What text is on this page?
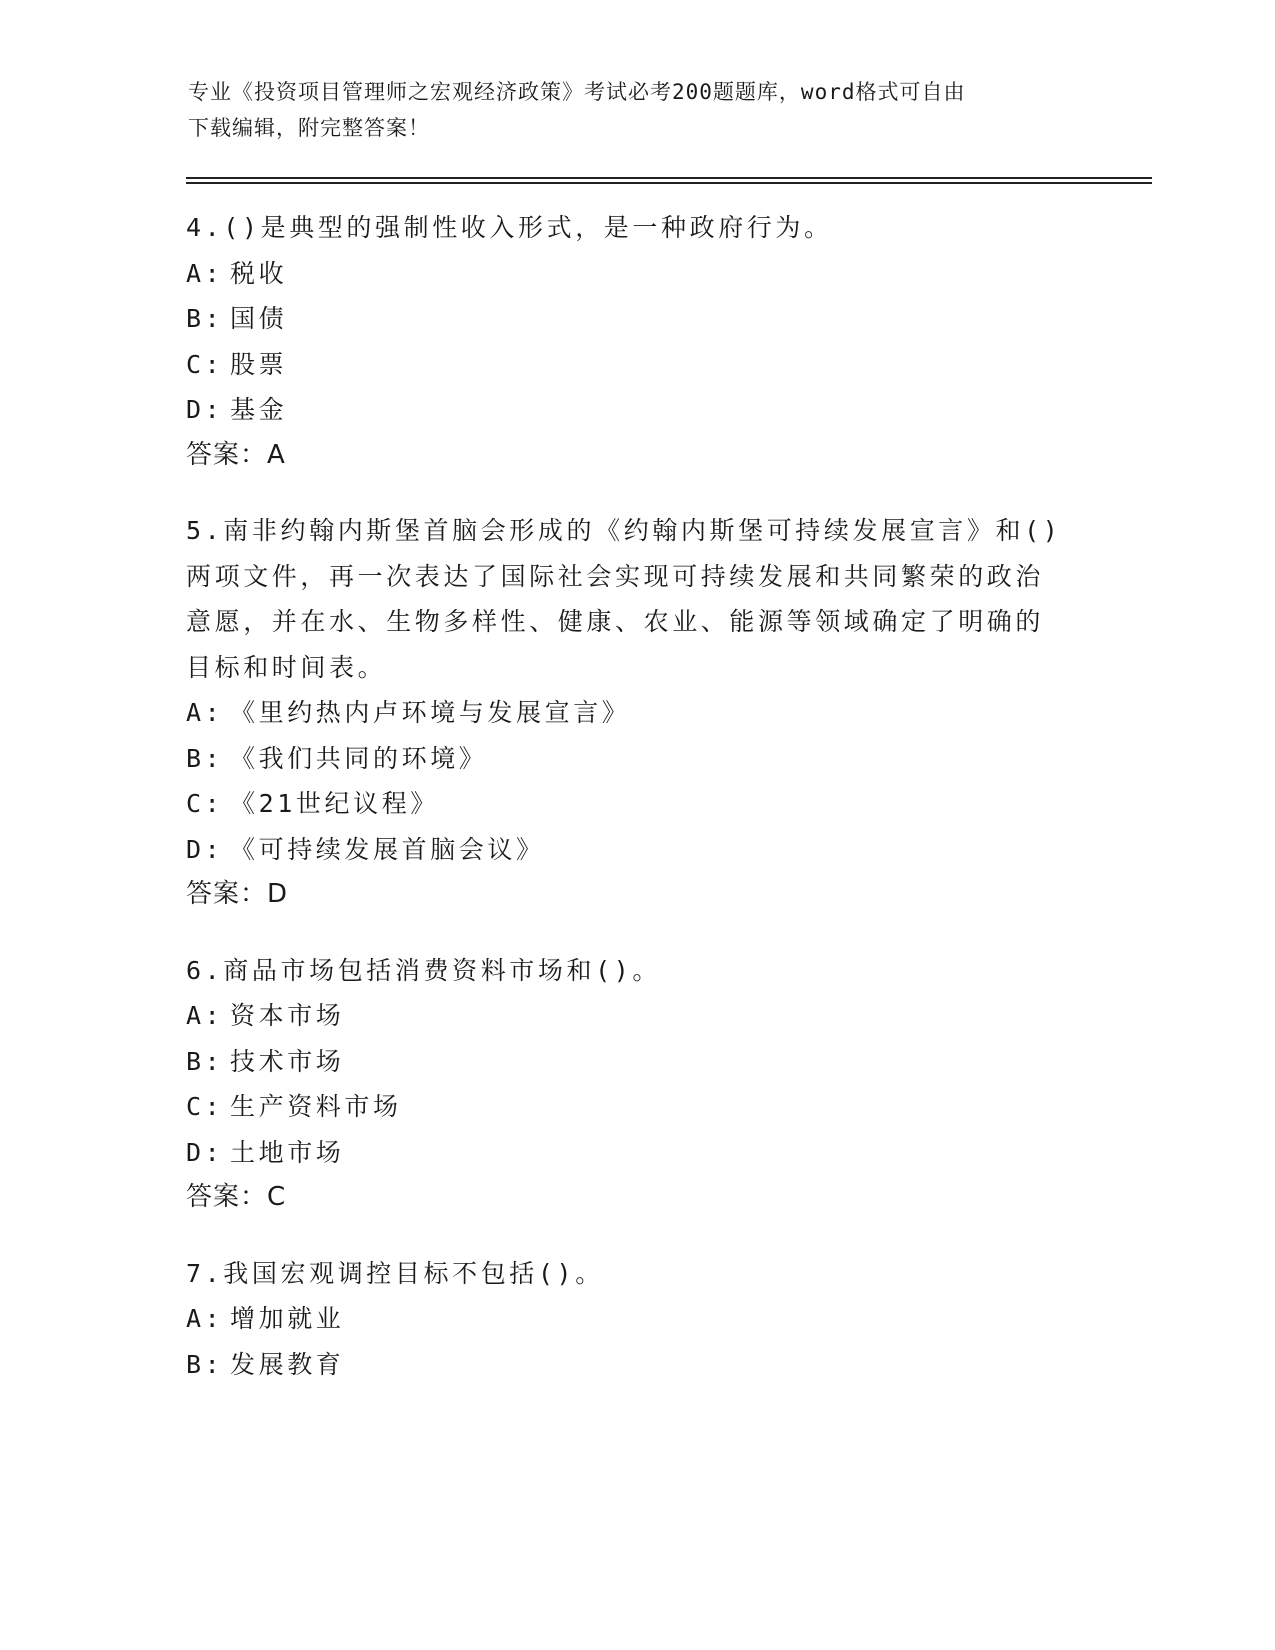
专业《投资项目管理师之宏观经济政策》考试必考200题题库，word格式可自由
下载编辑，附完整答案！

4.()是典型的强制性收入形式，是一种政府行为。

A: 税收

B: 国债

C: 股票

D: 基金

答案：A

5.南非约翰内斯堡首脑会形成的《约翰内斯堡可持续发展宣言》和()

两项文件，再一次表达了国际社会实现可持续发展和共同繁荣的政治

意愿，并在水、生物多样性、健康、农业、能源等领域确定了明确的

目标和时间表。

A: 《里约热内卢环境与发展宣言》

B: 《我们共同的环境》

C: 《21世纪议程》

D: 《可持续发展首脑会议》

答案：D

6.商品市场包括消费资料市场和()。

A: 资本市场

B: 技术市场

C: 生产资料市场

D: 土地市场

答案：C

7.我国宏观调控目标不包括()。

A: 增加就业

B: 发展教育
